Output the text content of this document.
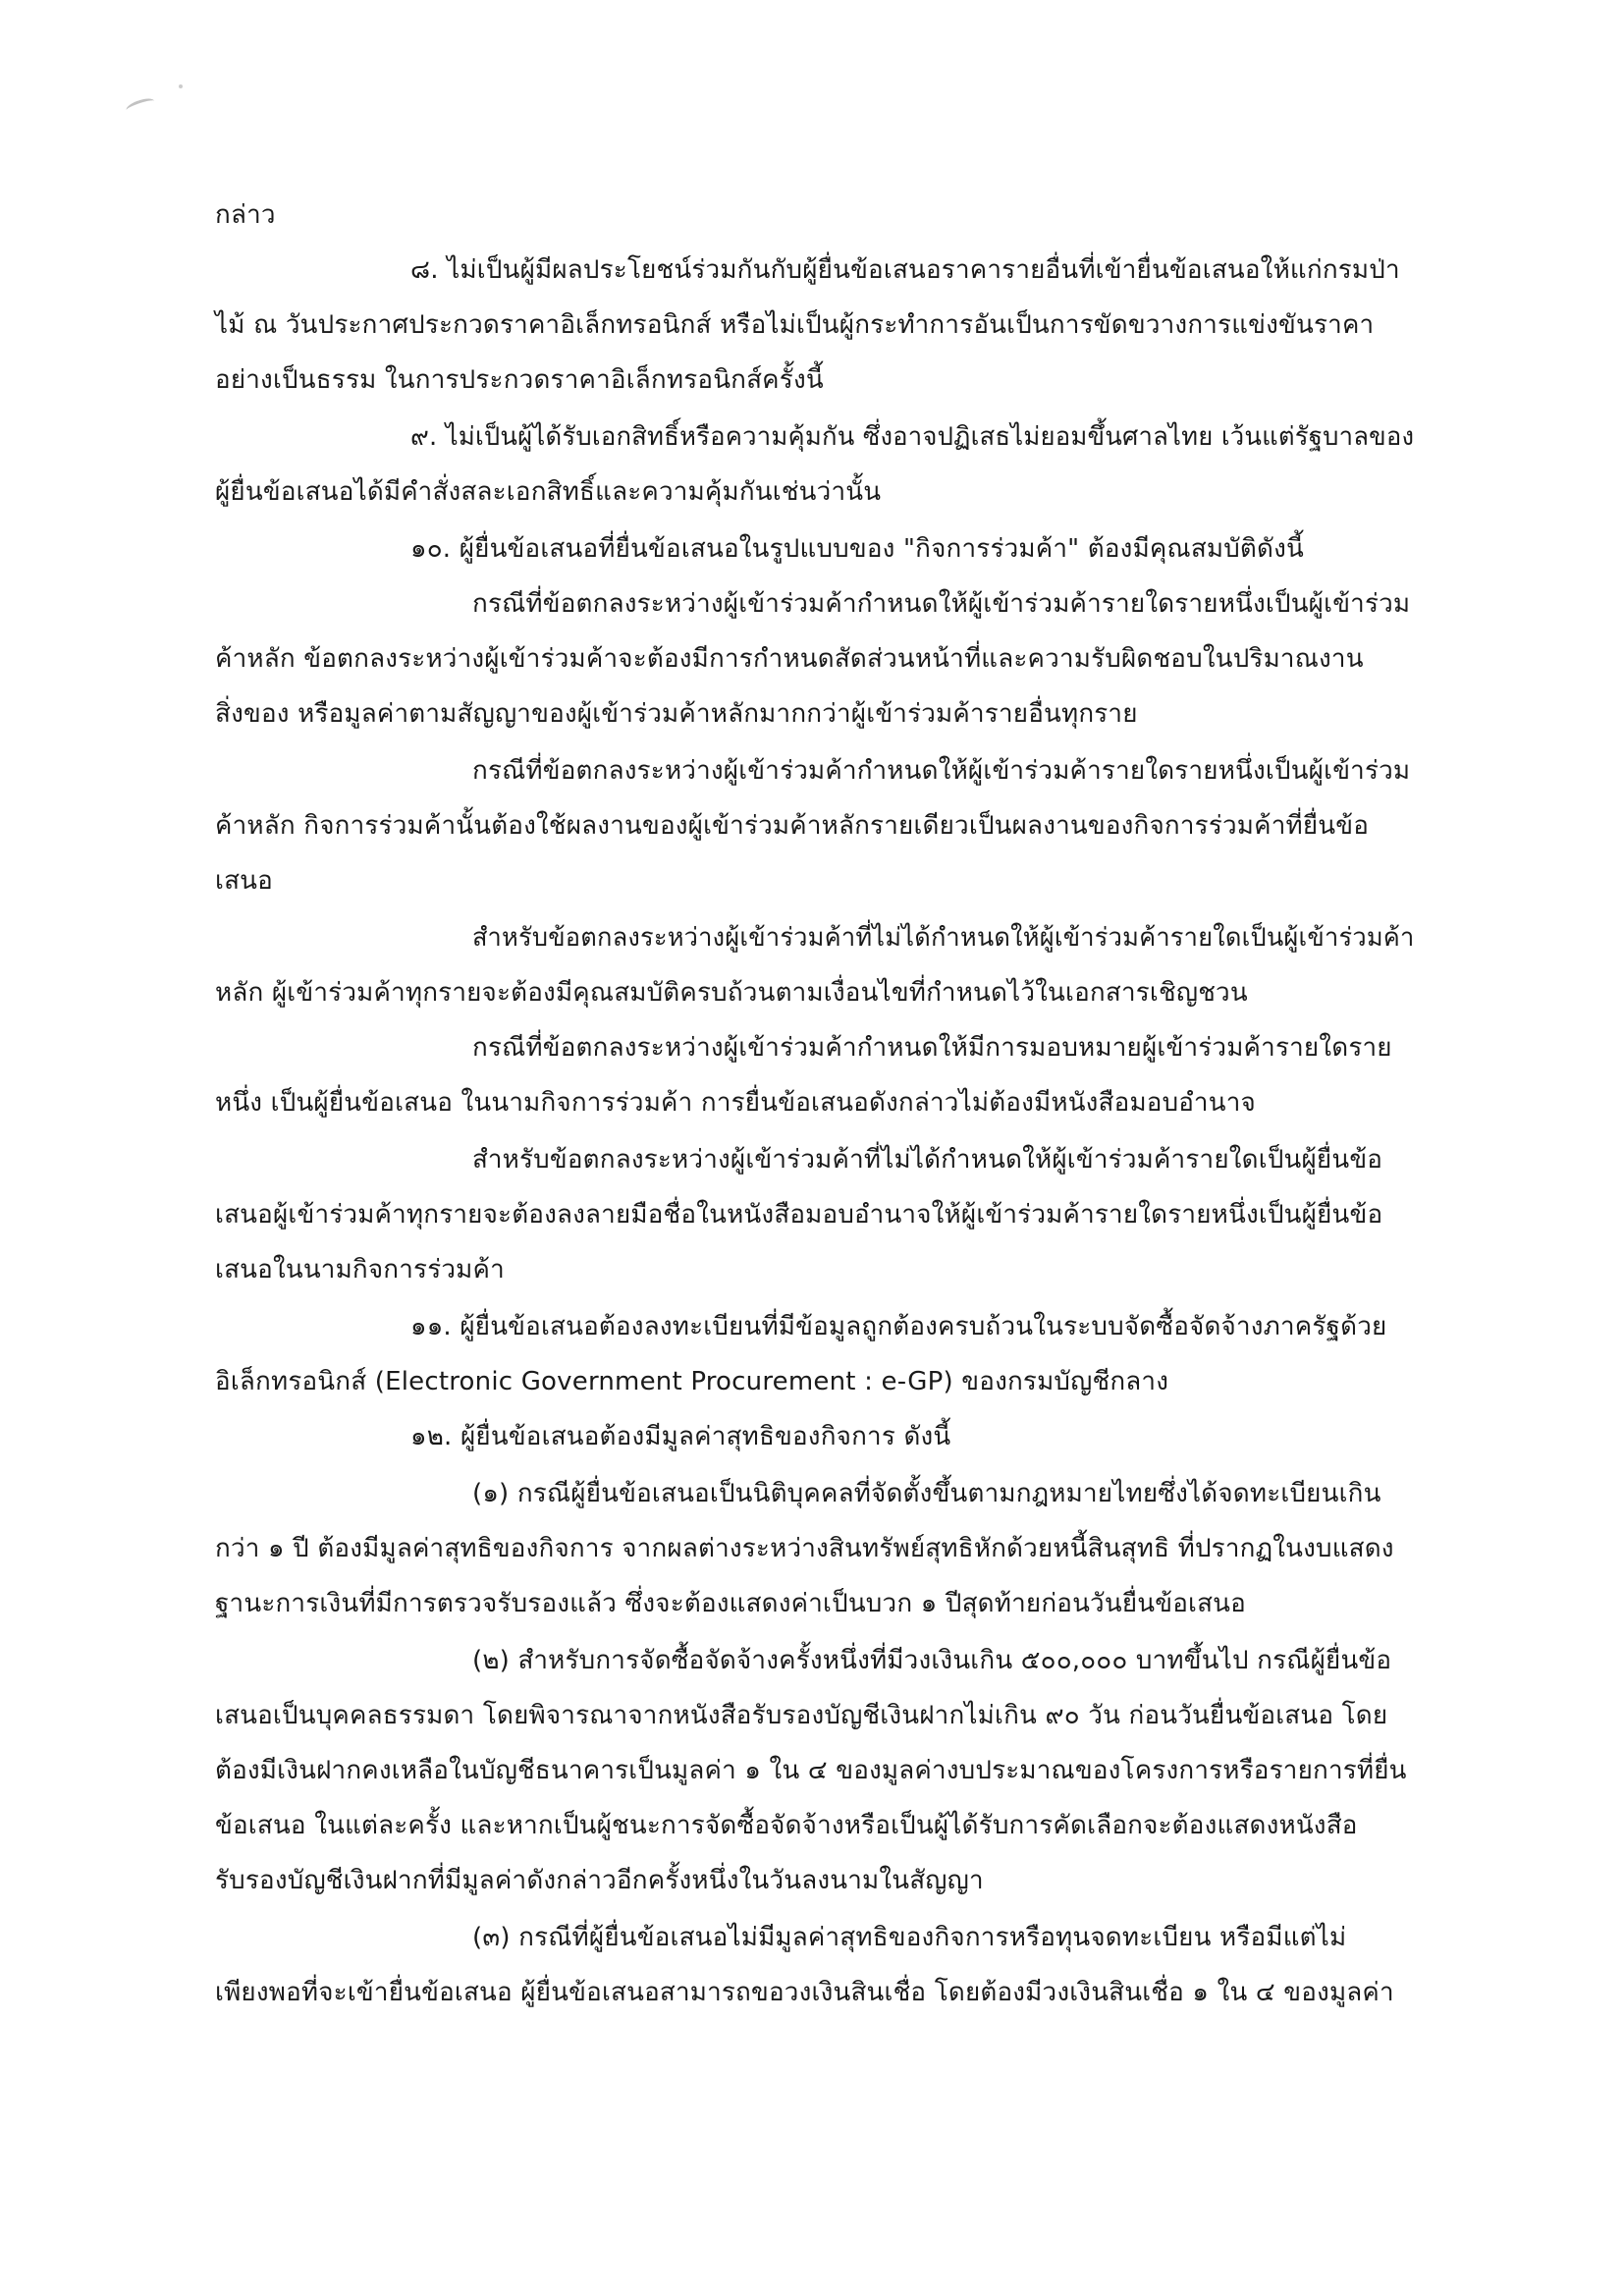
กล่าว
๘. ไม่เป็นผู้มีผลประโยชน์ร่วมกันกับผู้ยื่นข้อเสนอราคารายอื่นที่เข้ายื่นข้อเสนอให้แก่กรมป่า
ไม้ ณ วันประกาศประกวดราคาอิเล็กทรอนิกส์ หรือไม่เป็นผู้กระทำการอันเป็นการขัดขวางการแข่งขันราคา
อย่างเป็นธรรม ในการประกวดราคาอิเล็กทรอนิกส์ครั้งนี้
๙. ไม่เป็นผู้ได้รับเอกสิทธิ์หรือความคุ้มกัน ซึ่งอาจปฏิเสธไม่ยอมขึ้นศาลไทย เว้นแต่รัฐบาลของ
ผู้ยื่นข้อเสนอได้มีคำสั่งสละเอกสิทธิ์และความคุ้มกันเช่นว่านั้น
๑๐. ผู้ยื่นข้อเสนอที่ยื่นข้อเสนอในรูปแบบของ "กิจการร่วมค้า" ต้องมีคุณสมบัติดังนี้
กรณีที่ข้อตกลงระหว่างผู้เข้าร่วมค้ากำหนดให้ผู้เข้าร่วมค้ารายใดรายหนึ่งเป็นผู้เข้าร่วม
ค้าหลัก ข้อตกลงระหว่างผู้เข้าร่วมค้าจะต้องมีการกำหนดสัดส่วนหน้าที่และความรับผิดชอบในปริมาณงาน
สิ่งของ หรือมูลค่าตามสัญญาของผู้เข้าร่วมค้าหลักมากกว่าผู้เข้าร่วมค้ารายอื่นทุกราย
กรณีที่ข้อตกลงระหว่างผู้เข้าร่วมค้ากำหนดให้ผู้เข้าร่วมค้ารายใดรายหนึ่งเป็นผู้เข้าร่วม
ค้าหลัก กิจการร่วมค้านั้นต้องใช้ผลงานของผู้เข้าร่วมค้าหลักรายเดียวเป็นผลงานของกิจการร่วมค้าที่ยื่นข้อ
เสนอ
สำหรับข้อตกลงระหว่างผู้เข้าร่วมค้าที่ไม่ได้กำหนดให้ผู้เข้าร่วมค้ารายใดเป็นผู้เข้าร่วมค้า
หลัก ผู้เข้าร่วมค้าทุกรายจะต้องมีคุณสมบัติครบถ้วนตามเงื่อนไขที่กำหนดไว้ในเอกสารเชิญชวน
กรณีที่ข้อตกลงระหว่างผู้เข้าร่วมค้ากำหนดให้มีการมอบหมายผู้เข้าร่วมค้ารายใดราย
หนึ่ง เป็นผู้ยื่นข้อเสนอ ในนามกิจการร่วมค้า การยื่นข้อเสนอดังกล่าวไม่ต้องมีหนังสือมอบอำนาจ
สำหรับข้อตกลงระหว่างผู้เข้าร่วมค้าที่ไม่ได้กำหนดให้ผู้เข้าร่วมค้ารายใดเป็นผู้ยื่นข้อ
เสนอผู้เข้าร่วมค้าทุกรายจะต้องลงลายมือชื่อในหนังสือมอบอำนาจให้ผู้เข้าร่วมค้ารายใดรายหนึ่งเป็นผู้ยื่นข้อ
เสนอในนามกิจการร่วมค้า
๑๑. ผู้ยื่นข้อเสนอต้องลงทะเบียนที่มีข้อมูลถูกต้องครบถ้วนในระบบจัดซื้อจัดจ้างภาครัฐด้วย
อิเล็กทรอนิกส์ (Electronic Government Procurement : e-GP) ของกรมบัญชีกลาง
๑๒. ผู้ยื่นข้อเสนอต้องมีมูลค่าสุทธิของกิจการ ดังนี้
(๑) กรณีผู้ยื่นข้อเสนอเป็นนิติบุคคลที่จัดตั้งขึ้นตามกฎหมายไทยซึ่งได้จดทะเบียนเกิน
กว่า ๑ ปี ต้องมีมูลค่าสุทธิของกิจการ จากผลต่างระหว่างสินทรัพย์สุทธิหักด้วยหนี้สินสุทธิ ที่ปรากฏในงบแสดง
ฐานะการเงินที่มีการตรวจรับรองแล้ว ซึ่งจะต้องแสดงค่าเป็นบวก ๑ ปีสุดท้ายก่อนวันยื่นข้อเสนอ
(๒) สำหรับการจัดซื้อจัดจ้างครั้งหนึ่งที่มีวงเงินเกิน ๕๐๐,๐๐๐ บาทขึ้นไป กรณีผู้ยื่นข้อ
เสนอเป็นบุคคลธรรมดา โดยพิจารณาจากหนังสือรับรองบัญชีเงินฝากไม่เกิน ๙๐ วัน ก่อนวันยื่นข้อเสนอ โดย
ต้องมีเงินฝากคงเหลือในบัญชีธนาคารเป็นมูลค่า ๑ ใน ๔ ของมูลค่างบประมาณของโครงการหรือรายการที่ยื่น
ข้อเสนอ ในแต่ละครั้ง และหากเป็นผู้ชนะการจัดซื้อจัดจ้างหรือเป็นผู้ได้รับการคัดเลือกจะต้องแสดงหนังสือ
รับรองบัญชีเงินฝากที่มีมูลค่าดังกล่าวอีกครั้งหนึ่งในวันลงนามในสัญญา
(๓) กรณีที่ผู้ยื่นข้อเสนอไม่มีมูลค่าสุทธิของกิจการหรือทุนจดทะเบียน หรือมีแต่ไม่
เพียงพอที่จะเข้ายื่นข้อเสนอ ผู้ยื่นข้อเสนอสามารถขอวงเงินสินเชื่อ โดยต้องมีวงเงินสินเชื่อ ๑ ใน ๔ ของมูลค่า
